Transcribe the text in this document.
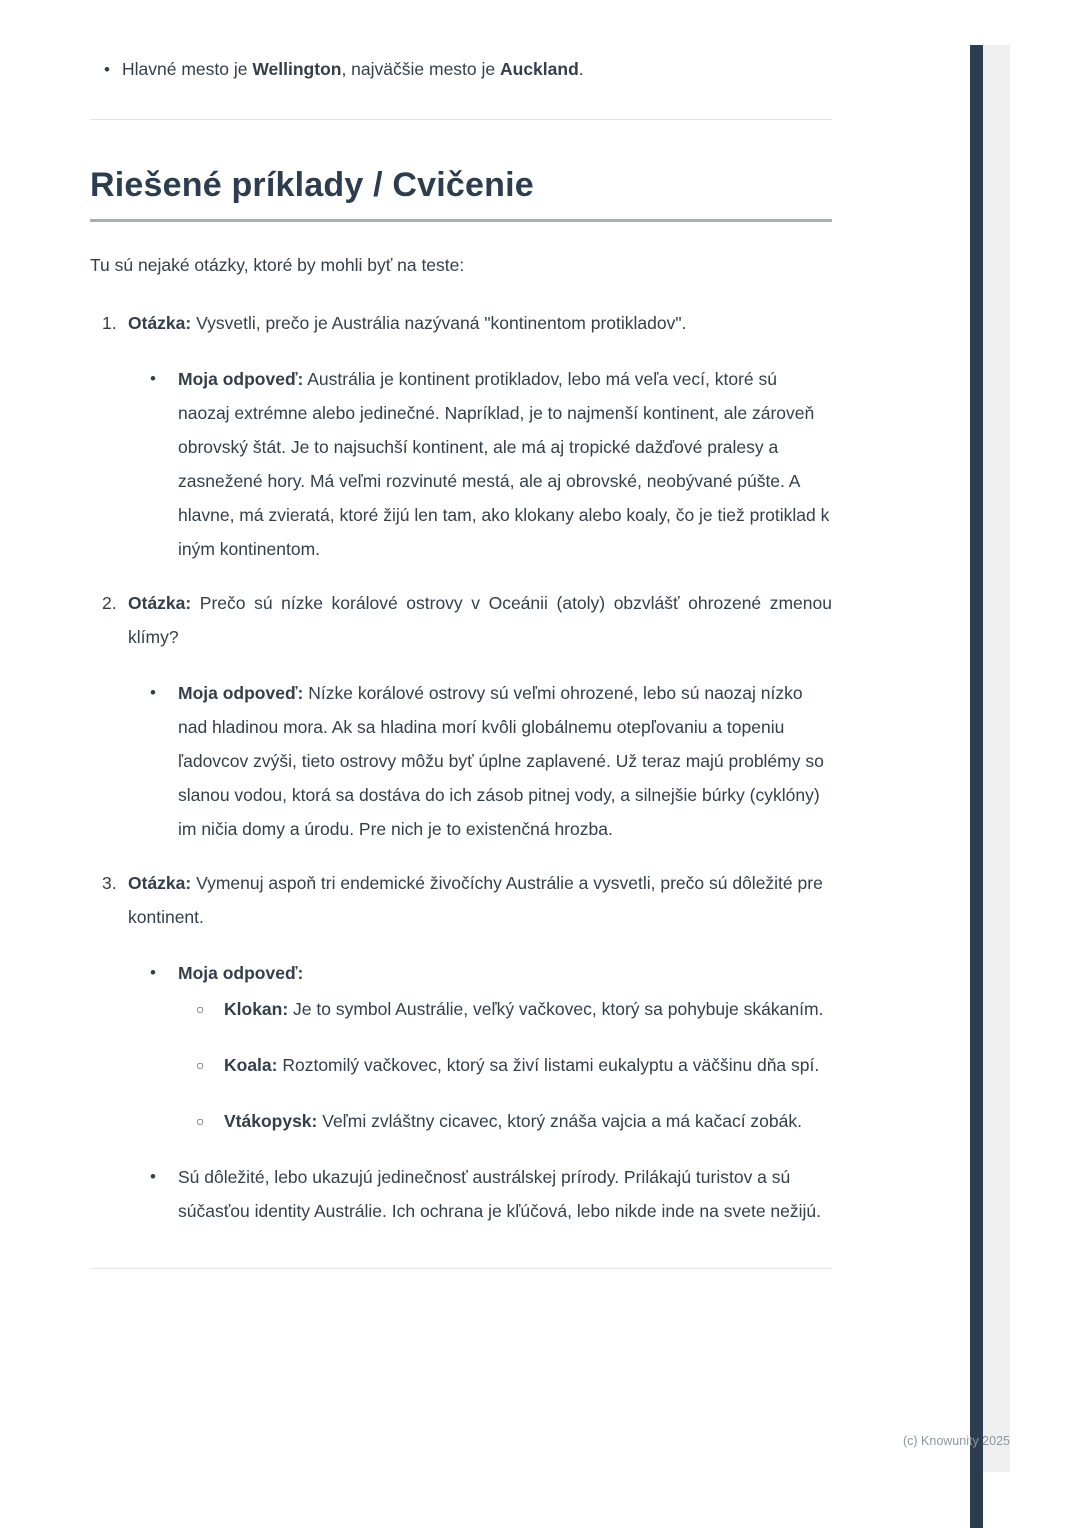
•
Hlavné mesto je Wellington, najväčšie mesto je Auckland.
Riešené príklady / Cvičenie

Tu sú nejaké otázky, ktoré by mohli byť na teste:

1. Otázka: Vysvetli, prečo je Austrália nazývaná "kontinentom protikladov".
•
Moja odpoveď: Austrália je kontinent protikladov, lebo má veľa vecí, ktoré sú naozaj extrémne alebo jedinečné. Napríklad, je to najmenší kontinent, ale zároveň obrovský štát. Je to najsuchší kontinent, ale má aj tropické dažďové pralesy a zasnežené hory. Má veľmi rozvinuté mestá, ale aj obrovské, neobývané púšte. A hlavne, má zvieratá, ktoré žijú len tam, ako klokany alebo koaly, čo je tiež protiklad k iným kontinentom.
2. Otázka: Prečo sú nízke korálové ostrovy v Oceánii (atoly) obzvlášť ohrozené zmenou klímy?
•
Moja odpoveď: Nízke korálové ostrovy sú veľmi ohrozené, lebo sú naozaj nízko nad hladinou mora. Ak sa hladina morí kvôli globálnemu otepľovaniu a topeniu ľadovcov zvýši, tieto ostrovy môžu byť úplne zaplavené. Už teraz majú problémy so slanou vodou, ktorá sa dostáva do ich zásob pitnej vody, a silnejšie búrky (cyklóny) im ničia domy a úrodu. Pre nich je to existenčná hrozba.
3. Otázka: Vymenuj aspoň tri endemické živočíchy Austrálie a vysvetli, prečo sú dôležité pre kontinent.
•
Moja odpoveď:
○
Klokan: Je to symbol Austrálie, veľký vačkovec, ktorý sa pohybuje skákaním.
○
Koala: Roztomilý vačkovec, ktorý sa živí listami eukalyptu a väčšinu dňa spí.
○
Vtákopysk: Veľmi zvláštny cicavec, ktorý znáša vajcia a má kačací zobák.
•
Sú dôležité, lebo ukazujú jedinečnosť austrálskej prírody. Prilákajú turistov a sú súčasťou identity Austrálie. Ich ochrana je kľúčová, lebo nikde inde na svete nežijú.
(c) Knowunity 2025
